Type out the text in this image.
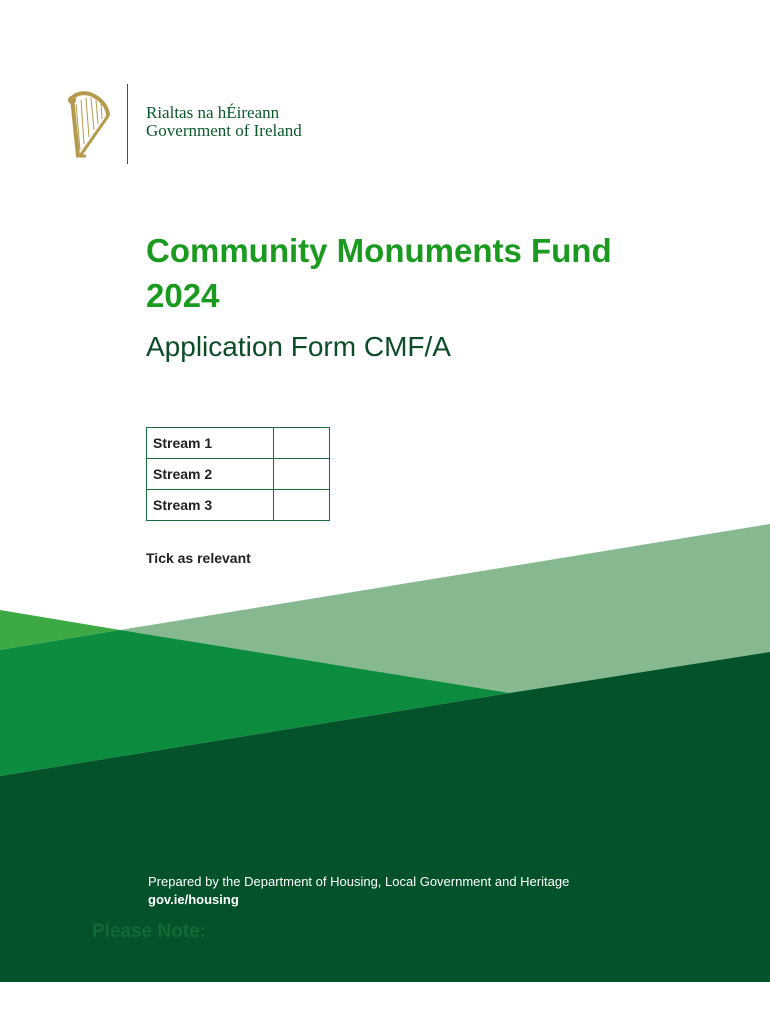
Rialtas na hÉireann
Government of Ireland
Community Monuments Fund
2024
Application Form CMF/A
Stream 1	
Stream 2	
Stream 3	
Tick as relevant
Prepared by the Department of Housing, Local Government and Heritage
gov.ie/housing
Please Note:
